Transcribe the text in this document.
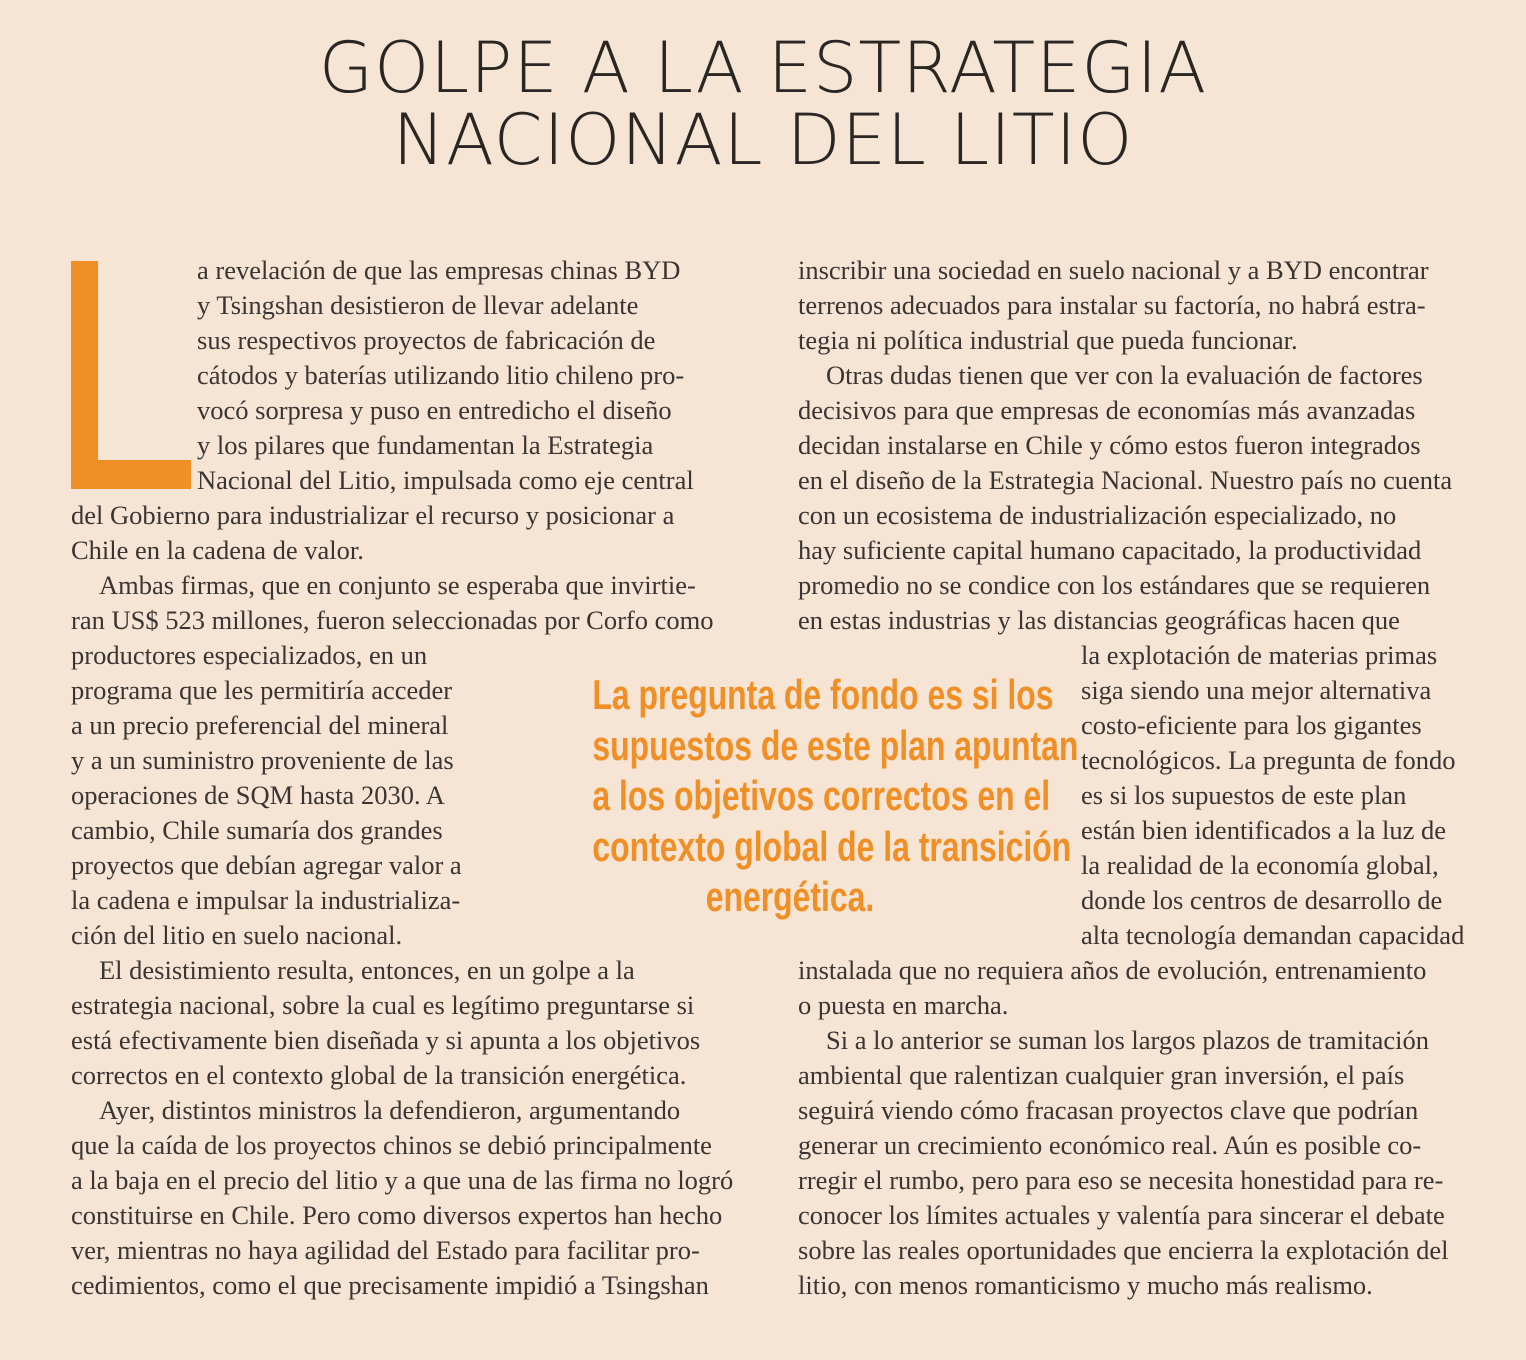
GOLPE A LA ESTRATEGIA
NACIONAL DEL LITIO
a revelación de que las empresas chinas BYD
y Tsingshan desistieron de llevar adelante
sus respectivos proyectos de fabricación de
cátodos y baterías utilizando litio chileno pro-
vocó sorpresa y puso en entredicho el diseño
y los pilares que fundamentan la Estrategia
Nacional del Litio, impulsada como eje central
del Gobierno para industrializar el recurso y posicionar a
Chile en la cadena de valor.
Ambas firmas, que en conjunto se esperaba que invirtie-
ran US$ 523 millones, fueron seleccionadas por Corfo como
productores especializados, en un
programa que les permitiría acceder
a un precio preferencial del mineral
y a un suministro proveniente de las
operaciones de SQM hasta 2030. A
cambio, Chile sumaría dos grandes
proyectos que debían agregar valor a
la cadena e impulsar la industrializa-
ción del litio en suelo nacional.
El desistimiento resulta, entonces, en un golpe a la
estrategia nacional, sobre la cual es legítimo preguntarse si
está efectivamente bien diseñada y si apunta a los objetivos
correctos en el contexto global de la transición energética.
Ayer, distintos ministros la defendieron, argumentando
que la caída de los proyectos chinos se debió principalmente
a la baja en el precio del litio y a que una de las firma no logró
constituirse en Chile. Pero como diversos expertos han hecho
ver, mientras no haya agilidad del Estado para facilitar pro-
cedimientos, como el que precisamente impidió a Tsingshan
La pregunta de fondo es si los
supuestos de este plan apuntan
a los objetivos correctos en el
contexto global de la transición
energética.
inscribir una sociedad en suelo nacional y a BYD encontrar
terrenos adecuados para instalar su factoría, no habrá estra-
tegia ni política industrial que pueda funcionar.
Otras dudas tienen que ver con la evaluación de factores
decisivos para que empresas de economías más avanzadas
decidan instalarse en Chile y cómo estos fueron integrados
en el diseño de la Estrategia Nacional. Nuestro país no cuenta
con un ecosistema de industrialización especializado, no
hay suficiente capital humano capacitado, la productividad
promedio no se condice con los estándares que se requieren
en estas industrias y las distancias geográficas hacen que
la explotación de materias primas
siga siendo una mejor alternativa
costo-eficiente para los gigantes
tecnológicos. La pregunta de fondo
es si los supuestos de este plan
están bien identificados a la luz de
la realidad de la economía global,
donde los centros de desarrollo de
alta tecnología demandan capacidad
instalada que no requiera años de evolución, entrenamiento
o puesta en marcha.
Si a lo anterior se suman los largos plazos de tramitación
ambiental que ralentizan cualquier gran inversión, el país
seguirá viendo cómo fracasan proyectos clave que podrían
generar un crecimiento económico real. Aún es posible co-
rregir el rumbo, pero para eso se necesita honestidad para re-
conocer los límites actuales y valentía para sincerar el debate
sobre las reales oportunidades que encierra la explotación del
litio, con menos romanticismo y mucho más realismo.
